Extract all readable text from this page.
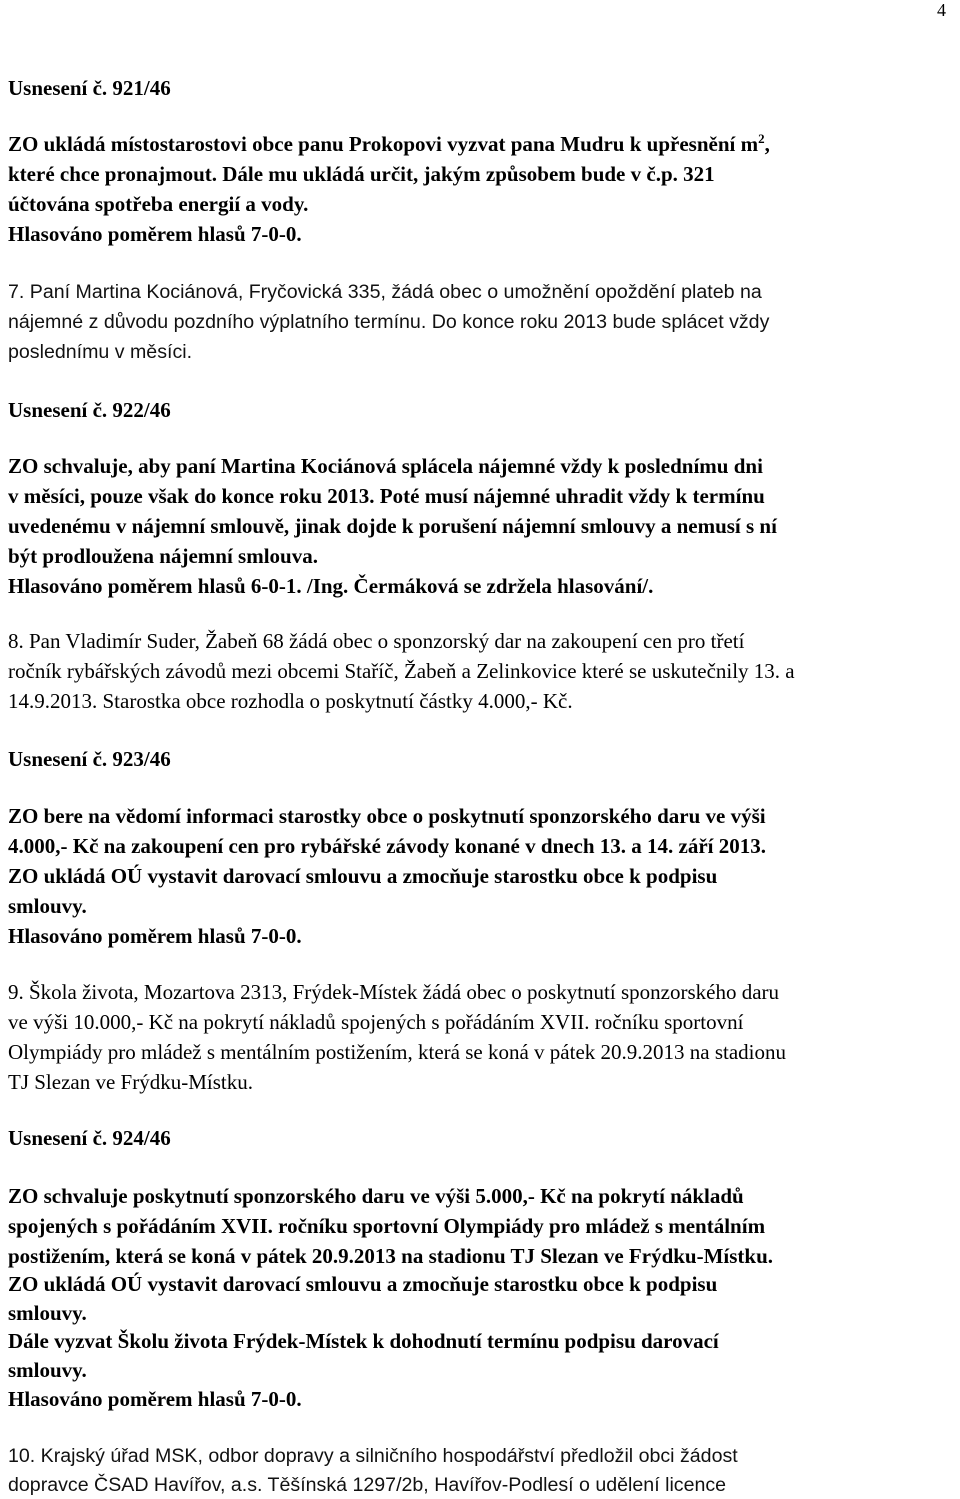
4
Usnesení č. 921/46
ZO ukládá místostarostovi obce panu Prokopovi vyzvat pana Mudru k upřesnění $m^2$,
které chce pronajmout. Dále mu ukládá určit, jakým způsobem bude v č.p. 321
účtována spotřeba energií a vody.
Hlasováno poměrem hlasů 7-0-0.
7. Paní Martina Kociánová, Fryčovická 335, žádá obec o umožnění opoždění plateb na
nájemné z důvodu pozdního výplatního termínu. Do konce roku 2013 bude splácet vždy
poslednímu v měsíci.
Usnesení č. 922/46
ZO schvaluje, aby paní Martina Kociánová splácela nájemné vždy k poslednímu dni
v měsíci, pouze však do konce roku 2013. Poté musí nájemné uhradit vždy k termínu
uvedenému v nájemní smlouvě, jinak dojde k porušení nájemní smlouvy a nemusí s ní
být prodloužena nájemní smlouva.
Hlasováno poměrem hlasů 6-0-1. /Ing. Čermáková se zdržela hlasování/.
8. Pan Vladimír Suder, Žabeň 68 žádá obec o sponzorský dar na zakoupení cen pro třetí
ročník rybářských závodů mezi obcemi Staříč, Žabeň a Zelinkovice které se uskutečnily 13. a
14.9.2013. Starostka obce rozhodla o poskytnutí částky 4.000,- Kč.
Usnesení č. 923/46
ZO bere na vědomí informaci starostky obce o poskytnutí sponzorského daru ve výši
4.000,- Kč na zakoupení cen pro rybářské závody konané v dnech 13. a 14. září 2013.
ZO ukládá OÚ vystavit darovací smlouvu a zmocňuje starostku obce k podpisu
smlouvy.
Hlasováno poměrem hlasů 7-0-0.
9. Škola života, Mozartova 2313, Frýdek-Místek žádá obec o poskytnutí sponzorského daru
ve výši 10.000,- Kč na pokrytí nákladů spojených s pořádáním XVII. ročníku sportovní
Olympiády pro mládež s mentálním postižením, která se koná v pátek 20.9.2013 na stadionu
TJ Slezan ve Frýdku-Místku.
Usnesení č. 924/46
ZO schvaluje poskytnutí sponzorského daru ve výši 5.000,- Kč na pokrytí nákladů
spojených s pořádáním XVII. ročníku sportovní Olympiády pro mládež s mentálním
postižením, která se koná v pátek 20.9.2013 na stadionu TJ Slezan ve Frýdku-Místku.
ZO ukládá OÚ vystavit darovací smlouvu a zmocňuje starostku obce k podpisu
smlouvy.
Dále vyzvat Školu života Frýdek-Místek k dohodnutí termínu podpisu darovací
smlouvy.
Hlasováno poměrem hlasů 7-0-0.
10. Krajský úřad MSK, odbor dopravy a silničního hospodářství předložil obci žádost
dopravce ČSAD Havířov, a.s. Těšínská 1297/2b, Havířov-Podlesí o udělení licence
